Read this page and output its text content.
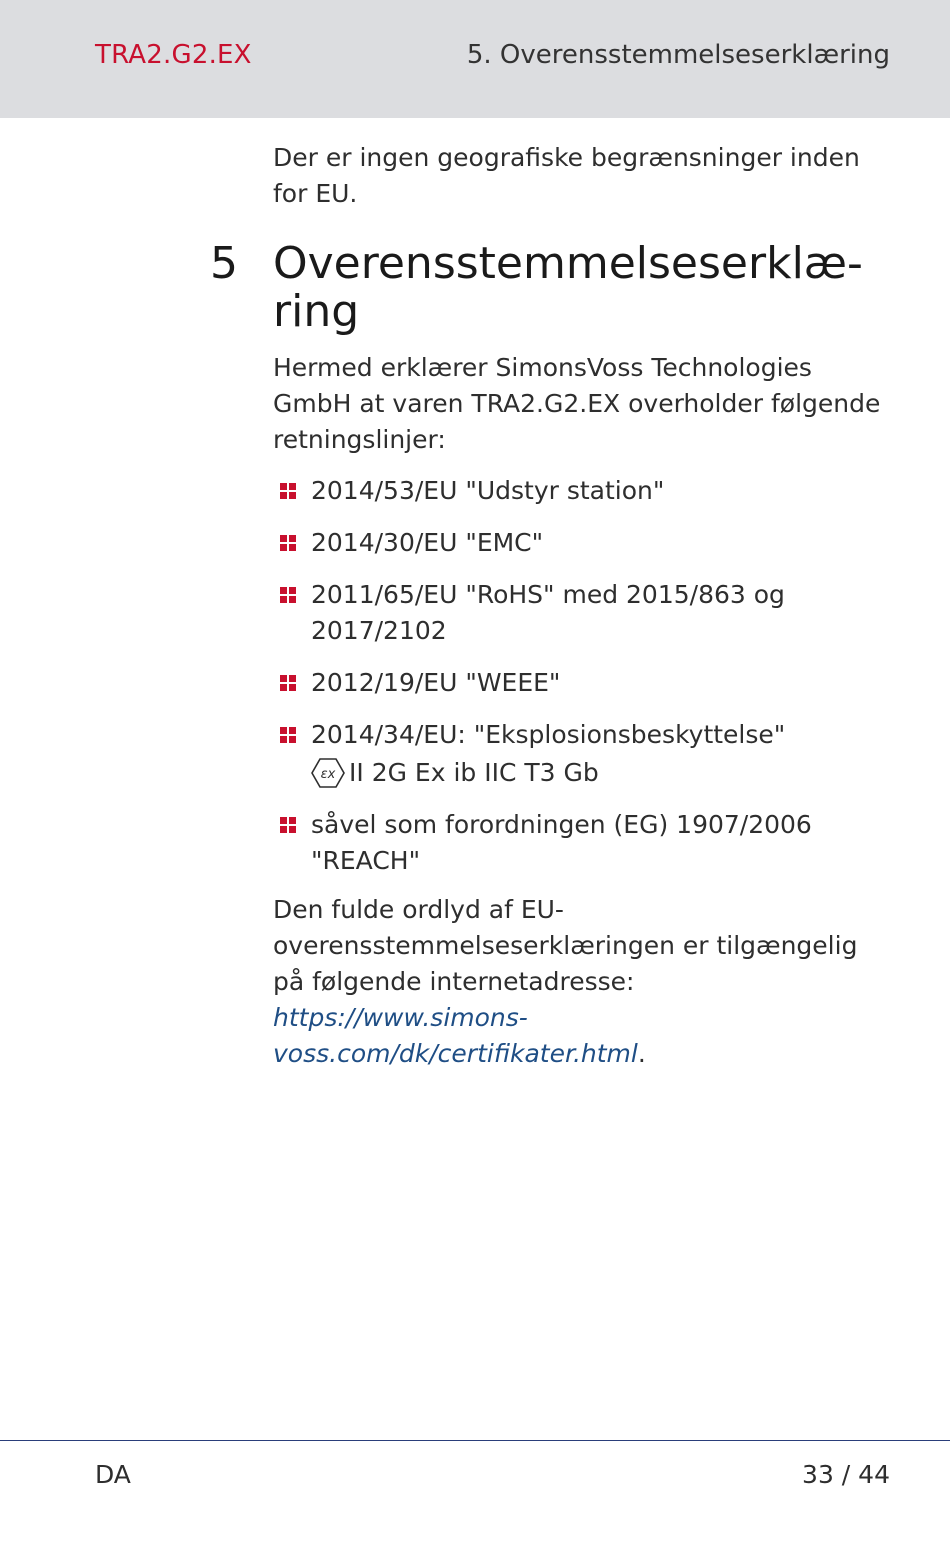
TRA2.G2.EX	5. Overensstemmelseserklæring

Der er ingen geografiske begrænsninger inden for EU.

5 Overensstemmelseserklæ-ring

Hermed erklærer SimonsVoss Technologies GmbH at varen TRA2.G2.EX overholder følgende retningslinjer:

2014/53/EU "Udstyr station"
2014/30/EU "EMC"
2011/65/EU "RoHS" med 2015/863 og 2017/2102
2012/19/EU "WEEE"
2014/34/EU: "Eksplosionsbeskyttelse"
εx II 2G Ex ib IIC T3 Gb
såvel som forordningen (EG) 1907/2006 "REACH"

Den fulde ordlyd af EU-overensstemmelseserklæringen er tilgængelig på følgende internetadresse: https://www.simons-voss.com/dk/certifikater.html.

DA	33 / 44
